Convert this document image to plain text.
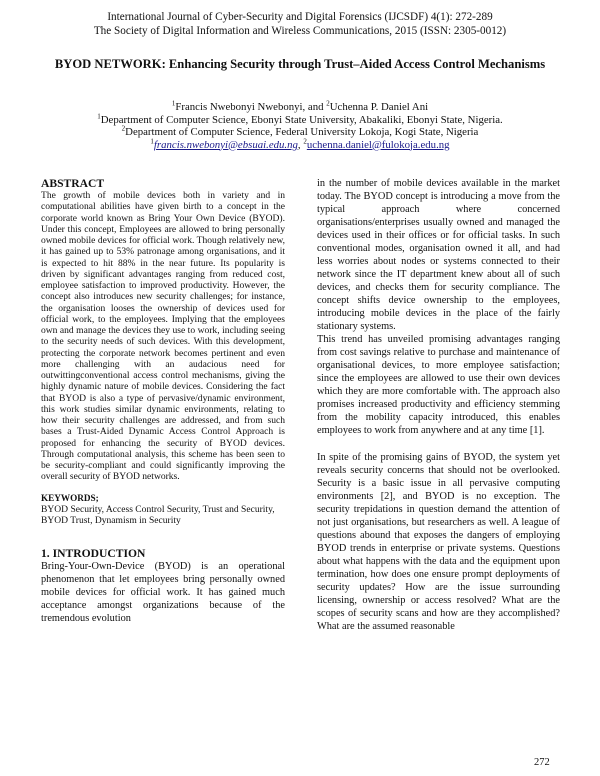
International Journal of Cyber-Security and Digital Forensics (IJCSDF) 4(1): 272-289
The Society of Digital Information and Wireless Communications, 2015 (ISSN: 2305-0012)
BYOD NETWORK: Enhancing Security through Trust–Aided Access Control Mechanisms
$^1$Francis Nwebonyi Nwebonyi, and $^2$Uchenna P. Daniel Ani
$^1$Department of Computer Science, Ebonyi State University, Abakaliki, Ebonyi State, Nigeria.
$^2$Department of Computer Science, Federal University Lokoja, Kogi State, Nigeria
$^1$francis.nwebonyi@ebsuai.edu.ng, $^2$uchenna.daniel@fulokoja.edu.ng
ABSTRACT

The growth of mobile devices both in variety and in computational abilities have given birth to a concept in the corporate world known as Bring Your Own Device (BYOD). Under this concept, Employees are allowed to bring personally owned mobile devices for official work. Though relatively new, it has gained up to 53% patronage among organisations, and it is expected to hit 88% in the near future. Its popularity is driven by significant advantages ranging from reduced cost, employee satisfaction to improved productivity. However, the concept also introduces new security challenges; for instance, the organisation looses the ownership of devices used for official work, to the employees. Implying that the employees own and manage the devices they use to work, including seeing to the security needs of such devices. With this development, protecting the corporate network becomes pertinent and even more challenging with an audacious need for outwittingconventional access control mechanisms, giving the highly dynamic nature of mobile devices. Considering the fact that BYOD is also a type of pervasive/dynamic environment, this work studies similar dynamic environments, relating to how their security challenges are addressed, and from such bases a Trust-Aided Dynamic Access Control Approach is proposed for enhancing the security of BYOD devices. Through computational analysis, this scheme has been seen to be security-compliant and could significantly improving the overall security of BYOD networks.

KEYWORDS;

BYOD Security, Access Control Security, Trust and Security, BYOD Trust, Dynamism in Security

1. INTRODUCTION

Bring-Your-Own-Device (BYOD) is an operational phenomenon that let employees bring personally owned mobile devices for official work. It has gained much acceptance amongst organizations because of the tremendous evolution

in the number of mobile devices available in the market today. The BYOD concept is introducing a move from the typical approach where concerned organisations/enterprises usually owned and managed the devices used in their offices or for official tasks. In such conventional modes, organisation owned it all, and had less worries about nodes or systems connected to their network since the IT department knew about all of such devices, and checks them for security compliance. The concept shifts device ownership to the employees, introducing mobile devices in the place of the fairly stationary systems.

This trend has unveiled promising advantages ranging from cost savings relative to purchase and maintenance of organisational devices, to more employee satisfaction; since the employees are allowed to use their own devices which they are more comfortable with. The approach also promises increased productivity and efficiency stemming from the mobility capacity introduced, this enables employees to work from anywhere and at any time [1].

In spite of the promising gains of BYOD, the system yet reveals security concerns that should not be overlooked. Security is a basic issue in all pervasive computing environments [2], and BYOD is no exception. The security trepidations in question demand the attention of not just organisations, but researchers as well. A league of questions abound that exposes the dangers of employing BYOD trends in enterprise or private systems. Questions about what happens with the data and the equipment upon termination, how does one ensure prompt deployments of security updates? How are the issue surrounding licensing, ownership or access resolved? What are the scopes of security scans and how are they accomplished? What are the assumed reasonable

272
